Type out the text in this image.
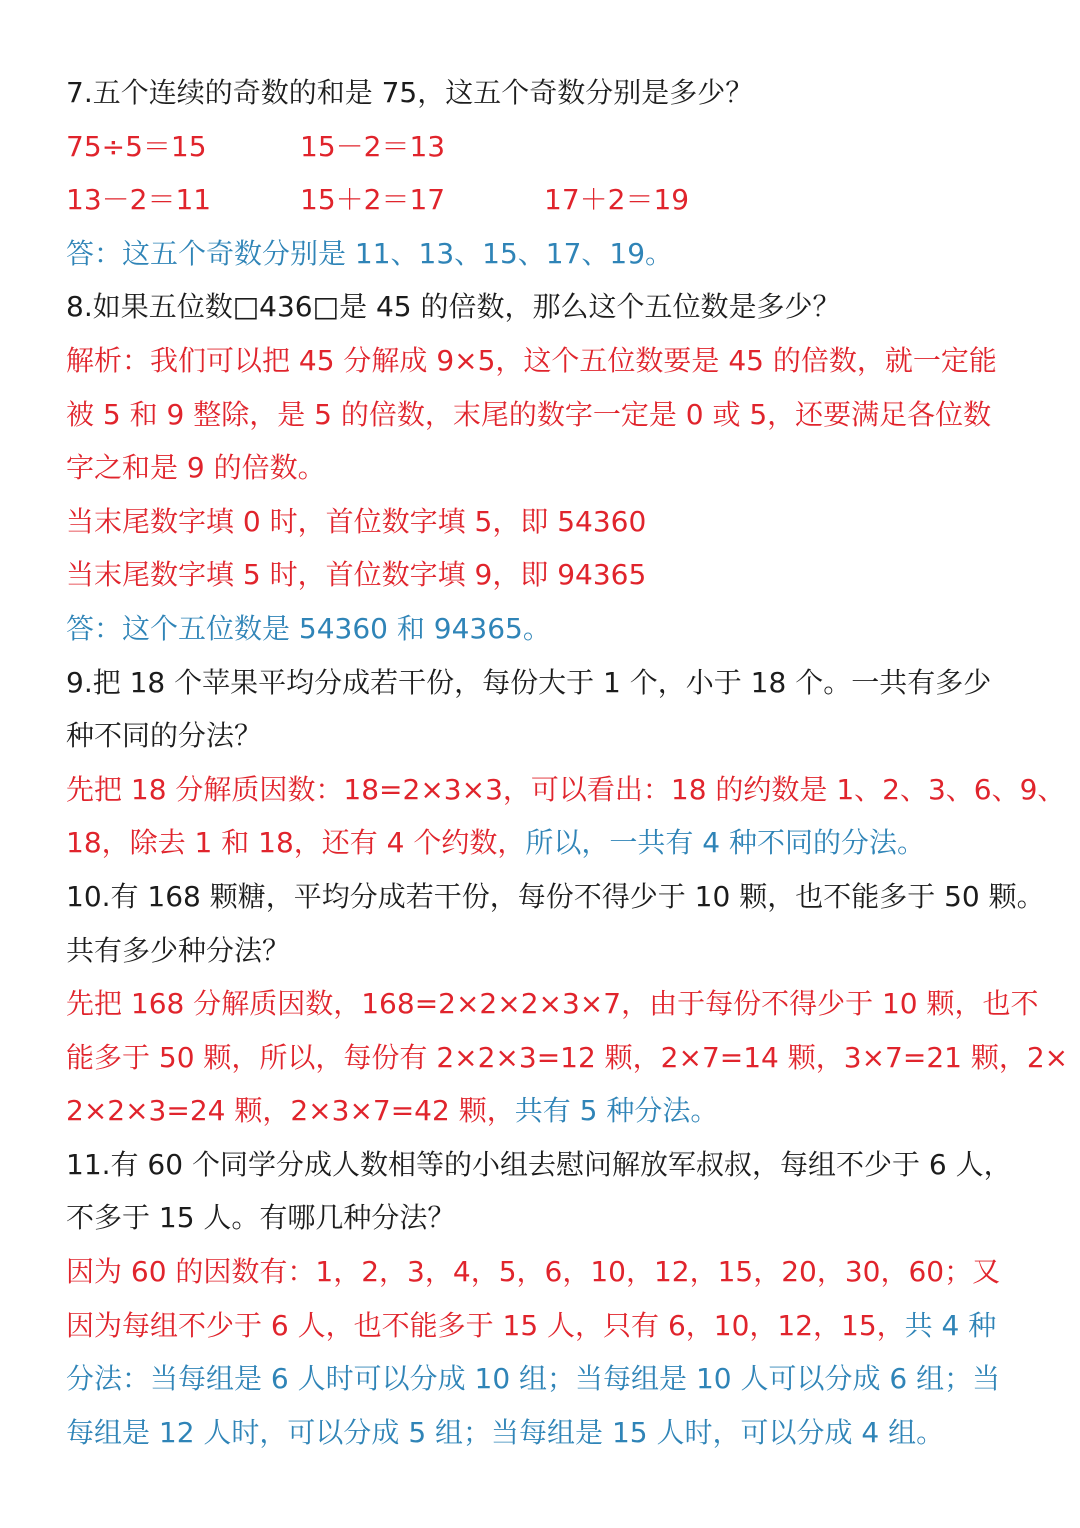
7.五个连续的奇数的和是 75，这五个奇数分别是多少？
75÷5＝15	15－2＝13
13－2＝11	15＋2＝17	17＋2＝19
答：这五个奇数分别是 11、13、15、17、19。
8.如果五位数□436□是 45 的倍数，那么这个五位数是多少？
解析：我们可以把 45 分解成 9×5，这个五位数要是 45 的倍数，就一定能
被 5 和 9 整除，是 5 的倍数，末尾的数字一定是 0 或 5，还要满足各位数
字之和是 9 的倍数。
当末尾数字填 0 时，首位数字填 5，即 54360
当末尾数字填 5 时，首位数字填 9，即 94365
答：这个五位数是 54360 和 94365。
9.把 18 个苹果平均分成若干份，每份大于 1 个，小于 18 个。一共有多少
种不同的分法？
先把 18 分解质因数：18=2×3×3，可以看出：18 的约数是 1、2、3、6、9、
18，除去 1 和 18，还有 4 个约数，所以，一共有 4 种不同的分法。
10.有 168 颗糖，平均分成若干份，每份不得少于 10 颗，也不能多于 50 颗。
共有多少种分法？
先把 168 分解质因数，168=2×2×2×3×7，由于每份不得少于 10 颗，也不
能多于 50 颗，所以，每份有 2×2×3=12 颗，2×7=14 颗，3×7=21 颗，2×
2×2×3=24 颗，2×3×7=42 颗，共有 5 种分法。
11.有 60 个同学分成人数相等的小组去慰问解放军叔叔，每组不少于 6 人，
不多于 15 人。有哪几种分法？
因为 60 的因数有：1，2，3，4，5，6，10，12，15，20，30，60；又
因为每组不少于 6 人，也不能多于 15 人，只有 6，10，12，15，共 4 种
分法：当每组是 6 人时可以分成 10 组；当每组是 10 人可以分成 6 组；当
每组是 12 人时，可以分成 5 组；当每组是 15 人时，可以分成 4 组。
